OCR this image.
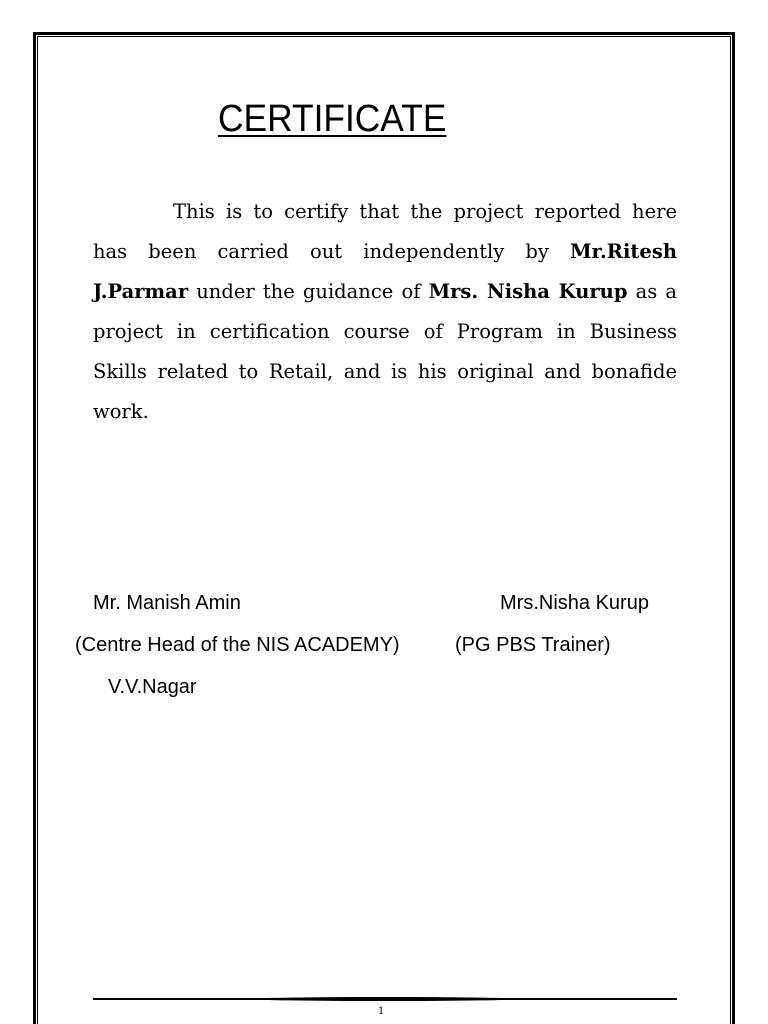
CERTIFICATE
This is to certify that the project reported here has been carried out independently by Mr.Ritesh J.Parmar under the guidance of Mrs. Nisha Kurup as a project in certification course of Program in Business Skills related to Retail, and is his original and bonafide work.
Mr. Manish Amin	Mrs.Nisha Kurup
(Centre Head of the NIS ACADEMY)	(PG PBS Trainer)
V.V.Nagar
1
